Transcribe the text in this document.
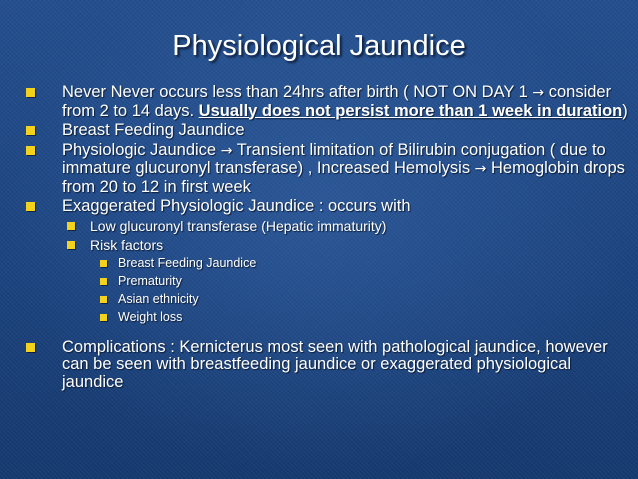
Physiological Jaundice
Never Never occurs less than 24hrs after birth ( NOT ON DAY 1 → consider from 2 to 14 days. Usually does not persist more than 1 week in duration)
Breast Feeding Jaundice
Physiologic Jaundice → Transient limitation of Bilirubin conjugation ( due to immature glucuronyl transferase) , Increased Hemolysis → Hemoglobin drops from 20 to 12 in first week
Exaggerated Physiologic Jaundice : occurs with
Low glucuronyl transferase (Hepatic immaturity)
Risk factors
Breast Feeding Jaundice
Prematurity
Asian ethnicity
Weight loss
Complications : Kernicterus most seen with pathological jaundice, however can be seen with breastfeeding jaundice or exaggerated physiological jaundice
